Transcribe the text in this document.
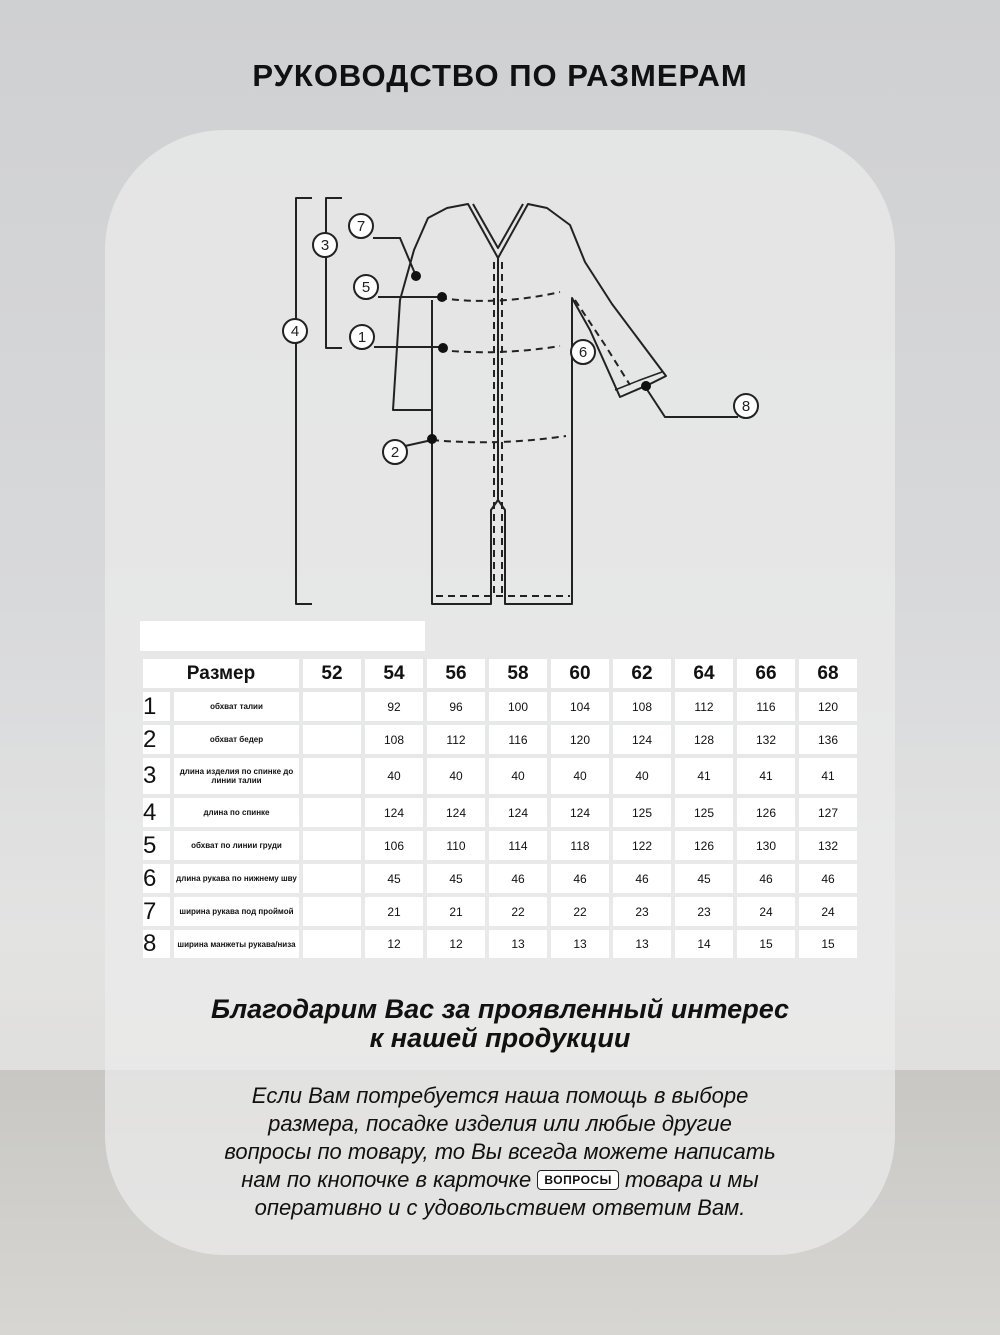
РУКОВОДСТВО ПО РАЗМЕРАМ
7
5
1
2
3
4
6
8
Размер		52	54	56	58	60	62	64	66	68
1	обхват талии		92	96	100	104	108	112	116	120
2	обхват бедер		108	112	116	120	124	128	132	136
3	длина изделия по спинке до линии талии		40	40	40	40	40	41	41	41
4	длина по спинке		124	124	124	124	125	125	126	127
5	обхват по линии груди		106	110	114	118	122	126	130	132
6	длина рукава по нижнему шву		45	45	46	46	46	45	46	46
7	ширина рукава под проймой		21	21	22	22	23	23	24	24
8	ширина манжеты рукава/низа		12	12	13	13	13	14	15	15
Благодарим Вас за проявленный интерес
к нашей продукции
Если Вам потребуется наша помощь в выборе
размера, посадке изделия или любые другие
вопросы по товару, то Вы всегда можете написать
нам по кнопочке в карточке ВОПРОСЫ товара и мы
оперативно и с удовольствием ответим Вам.
